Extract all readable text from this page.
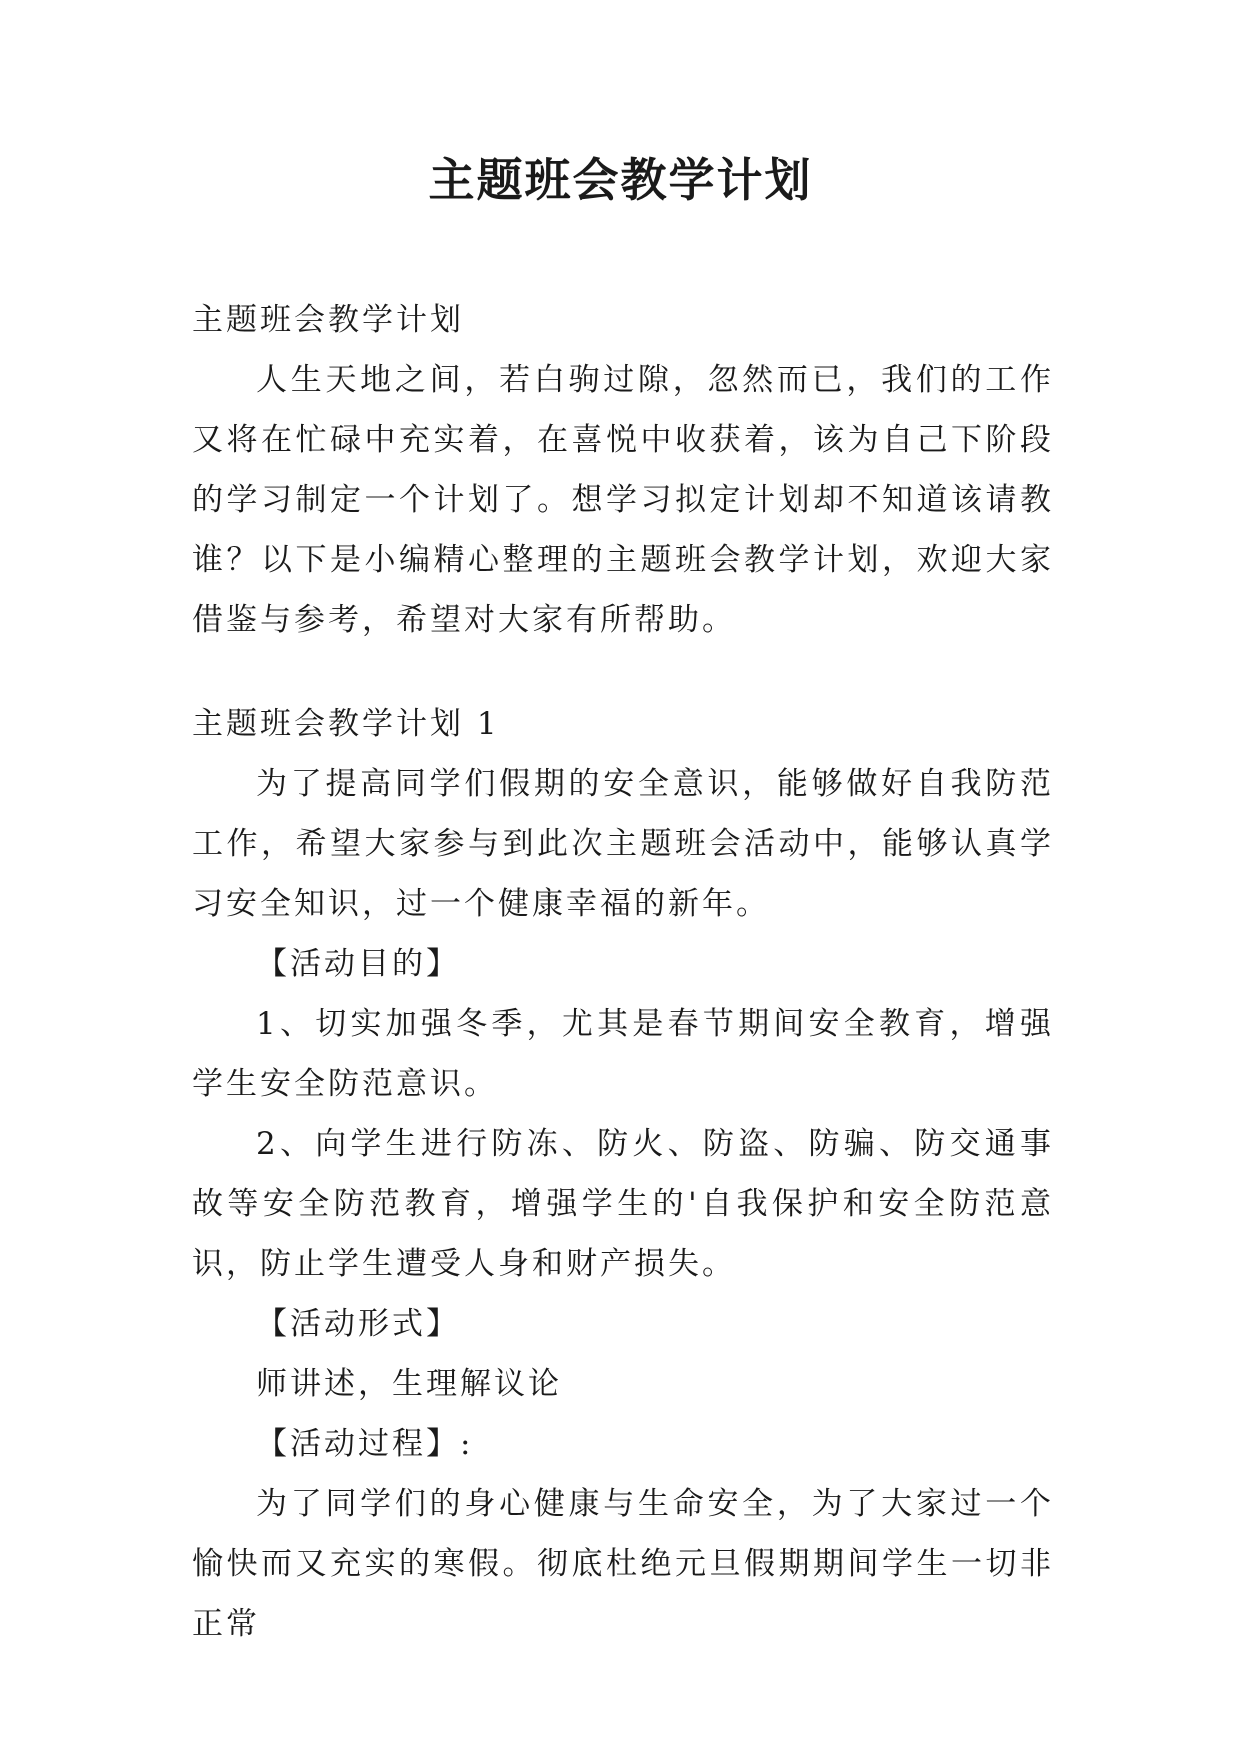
主题班会教学计划

主题班会教学计划

人生天地之间，若白驹过隙，忽然而已，我们的工作又将在忙碌中充实着，在喜悦中收获着，该为自己下阶段的学习制定一个计划了。想学习拟定计划却不知道该请教谁？以下是小编精心整理的主题班会教学计划，欢迎大家借鉴与参考，希望对大家有所帮助。

主题班会教学计划 1

为了提高同学们假期的安全意识，能够做好自我防范工作，希望大家参与到此次主题班会活动中，能够认真学习安全知识，过一个健康幸福的新年。

【活动目的】

1、切实加强冬季，尤其是春节期间安全教育，增强学生安全防范意识。

2、向学生进行防冻、防火、防盗、防骗、防交通事故等安全防范教育，增强学生的'自我保护和安全防范意识，防止学生遭受人身和财产损失。

【活动形式】

师讲述，生理解议论

【活动过程】:

为了同学们的身心健康与生命安全，为了大家过一个愉快而又充实的寒假。彻底杜绝元旦假期期间学生一切非正常
